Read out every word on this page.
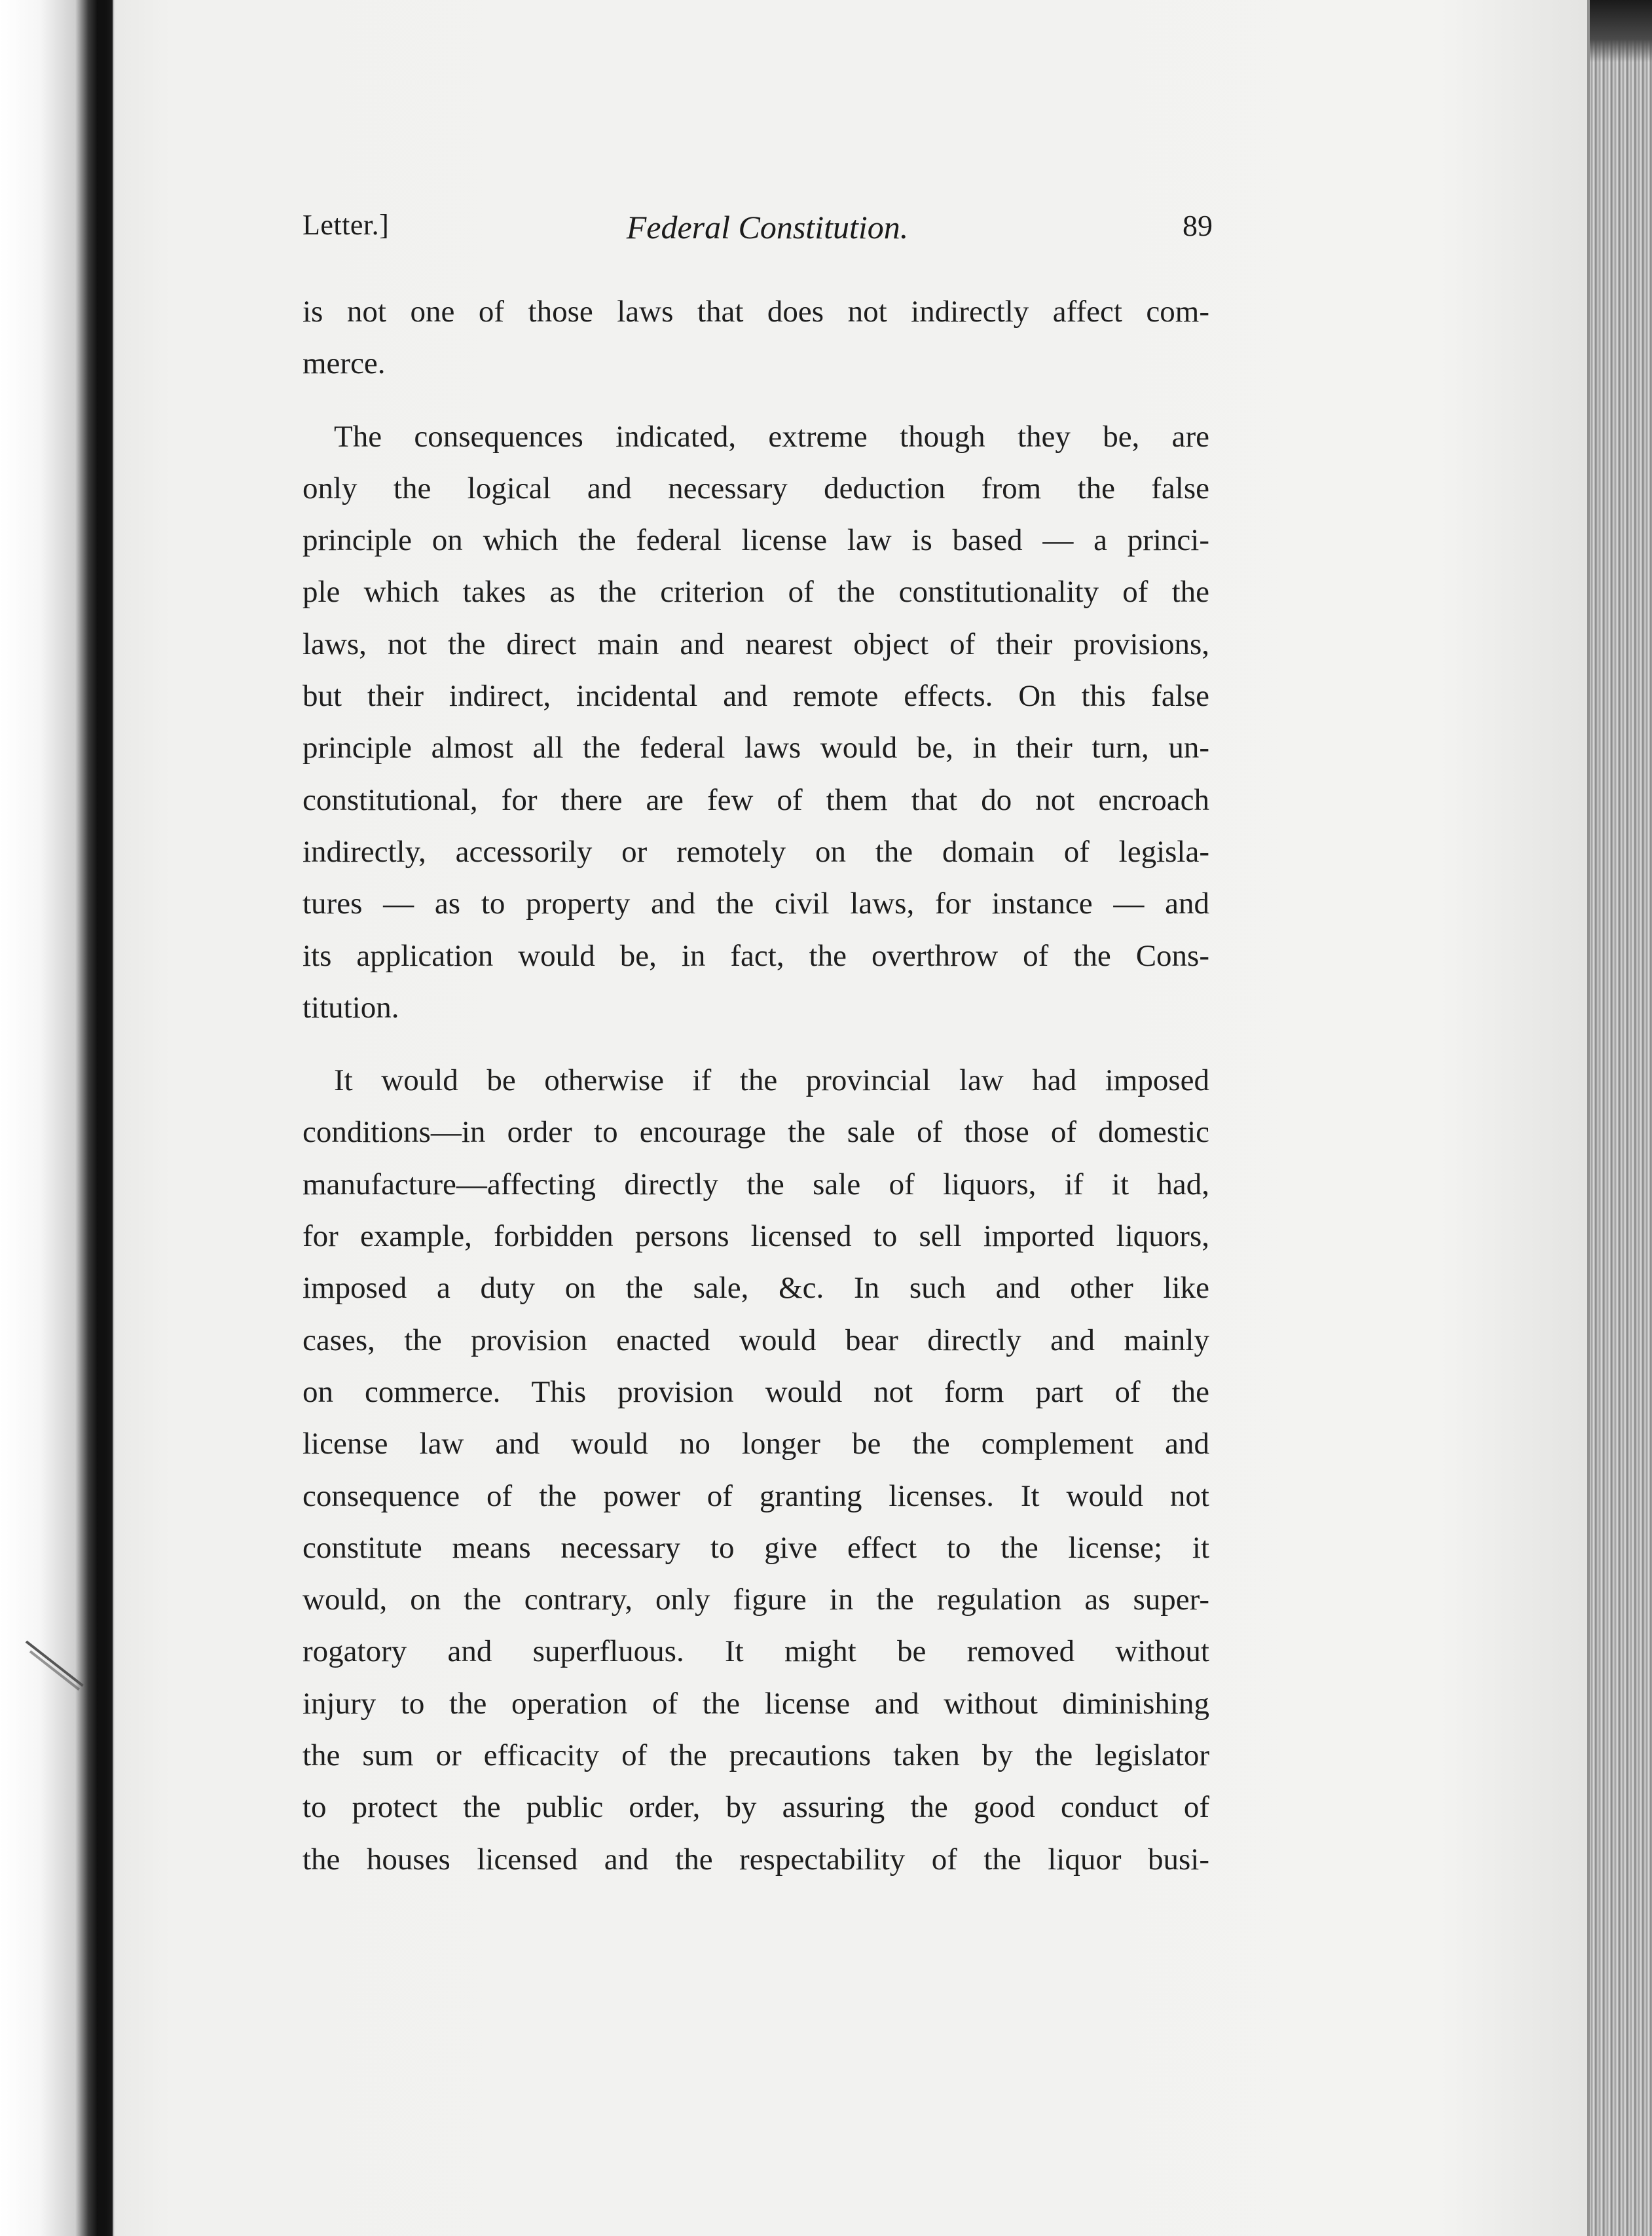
Letter.]	Federal Constitution.	89
is not one of those laws that does not indirectly affect com-
merce.
The consequences indicated, extreme though they be, are
only the logical and necessary deduction from the false
principle on which the federal license law is based — a princi-
ple which takes as the criterion of the constitutionality of the
laws, not the direct main and nearest object of their provisions,
but their indirect, incidental and remote effects. On this false
principle almost all the federal laws would be, in their turn, un-
constitutional, for there are few of them that do not encroach
indirectly, accessorily or remotely on the domain of legisla-
tures — as to property and the civil laws, for instance — and
its application would be, in fact, the overthrow of the Cons-
titution.
It would be otherwise if the provincial law had imposed
conditions—in order to encourage the sale of those of domestic
manufacture—affecting directly the sale of liquors, if it had,
for example, forbidden persons licensed to sell imported liquors,
imposed a duty on the sale, &c. In such and other like
cases, the provision enacted would bear directly and mainly
on commerce. This provision would not form part of the
license law and would no longer be the complement and
consequence of the power of granting licenses. It would not
constitute means necessary to give effect to the license; it
would, on the contrary, only figure in the regulation as super-
rogatory and superfluous. It might be removed without
injury to the operation of the license and without diminishing
the sum or efficacity of the precautions taken by the legislator
to protect the public order, by assuring the good conduct of
the houses licensed and the respectability of the liquor busi-
